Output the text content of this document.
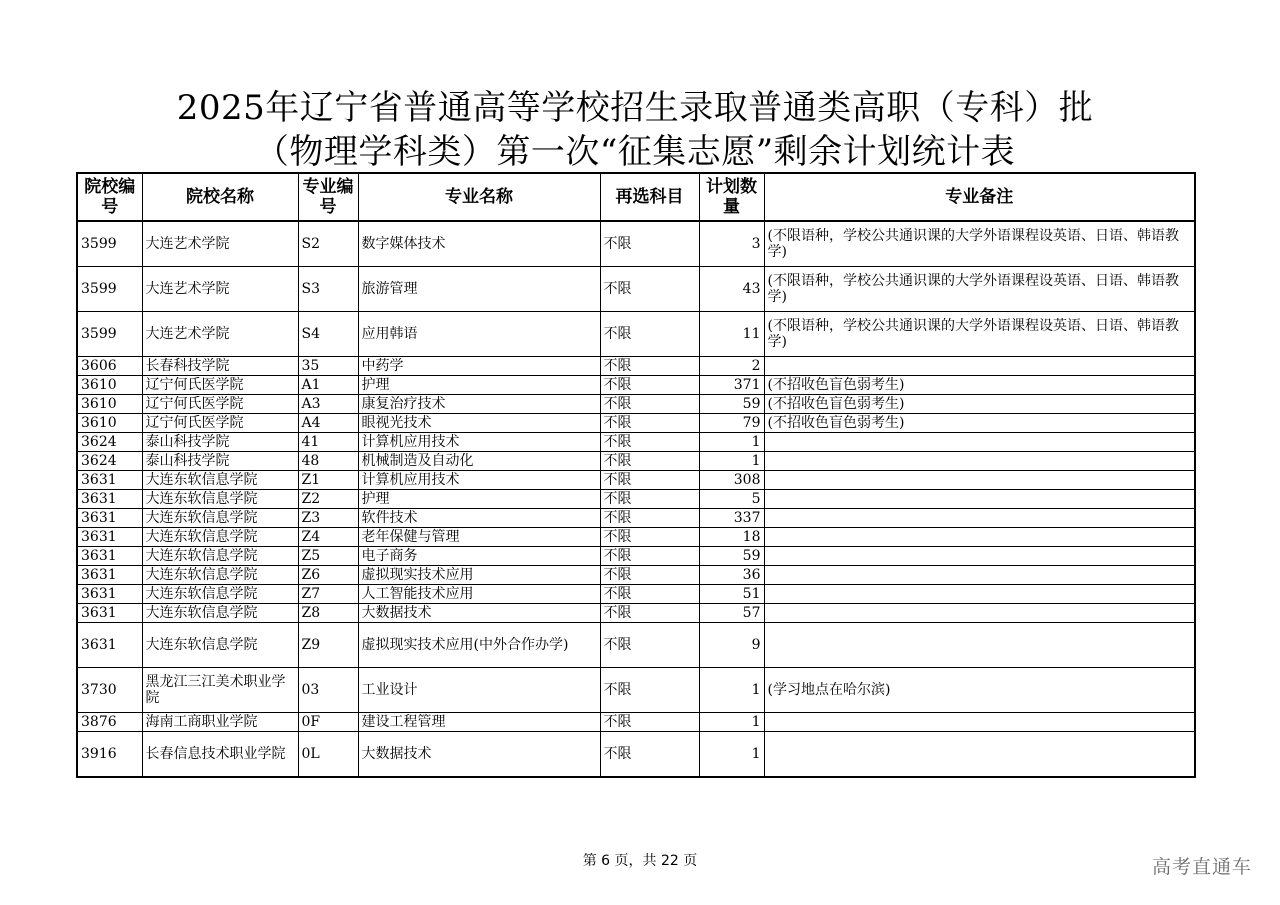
2025年辽宁省普通高等学校招生录取普通类高职（专科）批
（物理学科类）第一次“征集志愿”剩余计划统计表
院校编号	院校名称	专业编号	专业名称	再选科目	计划数量	专业备注
3599	大连艺术学院	S2	数字媒体技术	不限	3	(不限语种，学校公共通识课的大学外语课程设英语、日语、韩语教学)
3599	大连艺术学院	S3	旅游管理	不限	43	(不限语种，学校公共通识课的大学外语课程设英语、日语、韩语教学)
3599	大连艺术学院	S4	应用韩语	不限	11	(不限语种，学校公共通识课的大学外语课程设英语、日语、韩语教学)
3606	长春科技学院	35	中药学	不限	2	
3610	辽宁何氏医学院	A1	护理	不限	371	(不招收色盲色弱考生)
3610	辽宁何氏医学院	A3	康复治疗技术	不限	59	(不招收色盲色弱考生)
3610	辽宁何氏医学院	A4	眼视光技术	不限	79	(不招收色盲色弱考生)
3624	泰山科技学院	41	计算机应用技术	不限	1	
3624	泰山科技学院	48	机械制造及自动化	不限	1	
3631	大连东软信息学院	Z1	计算机应用技术	不限	308	
3631	大连东软信息学院	Z2	护理	不限	5	
3631	大连东软信息学院	Z3	软件技术	不限	337	
3631	大连东软信息学院	Z4	老年保健与管理	不限	18	
3631	大连东软信息学院	Z5	电子商务	不限	59	
3631	大连东软信息学院	Z6	虚拟现实技术应用	不限	36	
3631	大连东软信息学院	Z7	人工智能技术应用	不限	51	
3631	大连东软信息学院	Z8	大数据技术	不限	57	
3631	大连东软信息学院	Z9	虚拟现实技术应用(中外合作办学)	不限	9	
3730	黑龙江三江美术职业学院	03	工业设计	不限	1	(学习地点在哈尔滨)
3876	海南工商职业学院	0F	建设工程管理	不限	1	
3916	长春信息技术职业学院	0L	大数据技术	不限	1	
第 6 页，共 22 页	高考直通车
